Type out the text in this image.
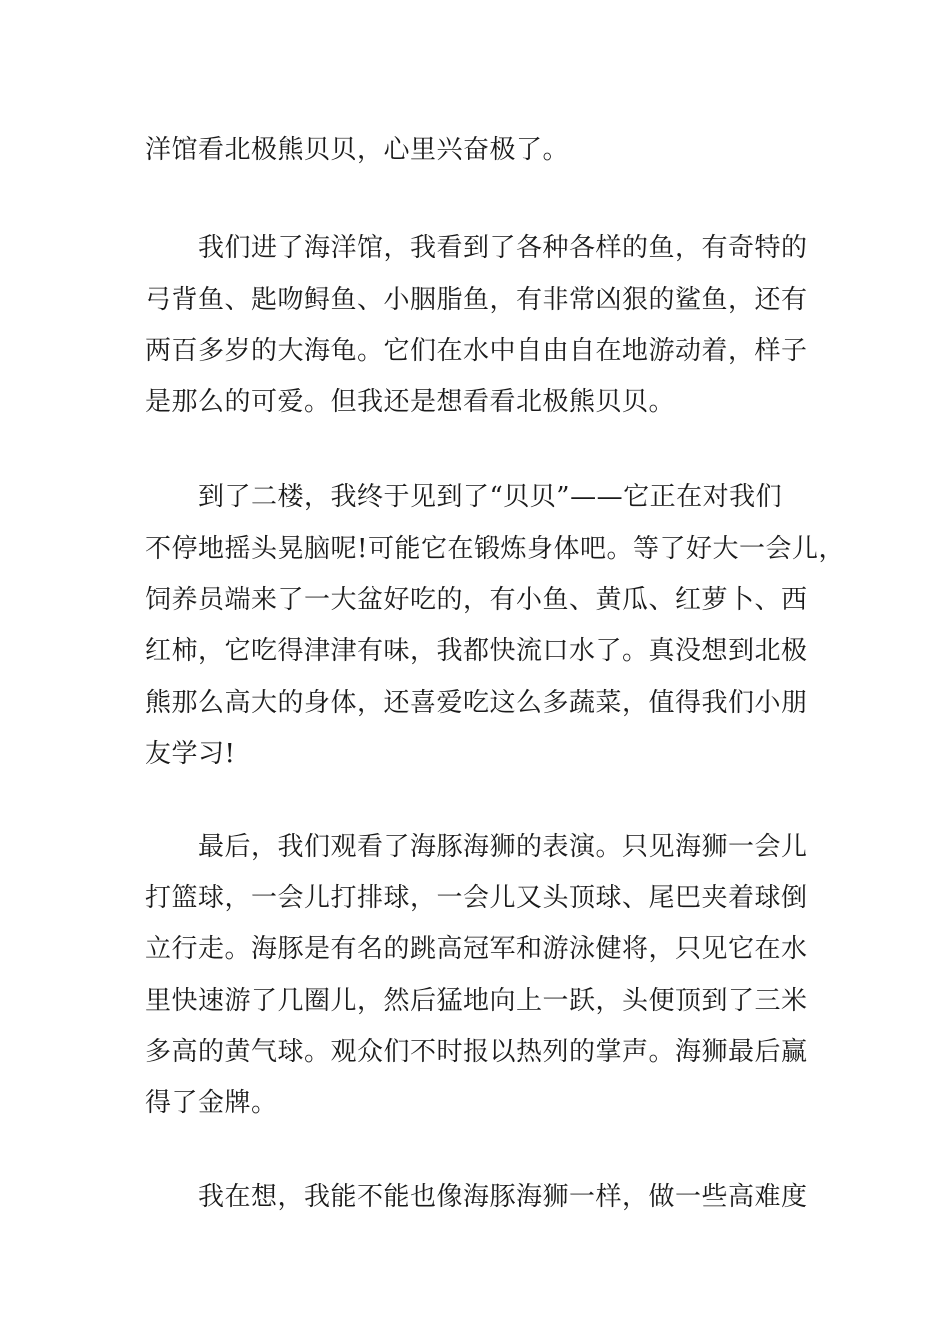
洋馆看北极熊贝贝，心里兴奋极了。

我们进了海洋馆，我看到了各种各样的鱼，有奇特的

弓背鱼、匙吻鲟鱼、小胭脂鱼，有非常凶狠的鲨鱼，还有

两百多岁的大海龟。它们在水中自由自在地游动着，样子

是那么的可爱。但我还是想看看北极熊贝贝。

到了二楼，我终于见到了“贝贝”——它正在对我们

不停地摇头晃脑呢!可能它在锻炼身体吧。等了好大一会儿，

饲养员端来了一大盆好吃的，有小鱼、黄瓜、红萝卜、西

红柿，它吃得津津有味，我都快流口水了。真没想到北极

熊那么高大的身体，还喜爱吃这么多蔬菜，值得我们小朋

友学习!

最后，我们观看了海豚海狮的表演。只见海狮一会儿

打篮球，一会儿打排球，一会儿又头顶球、尾巴夹着球倒

立行走。海豚是有名的跳高冠军和游泳健将，只见它在水

里快速游了几圈儿，然后猛地向上一跃，头便顶到了三米

多高的黄气球。观众们不时报以热列的掌声。海狮最后赢

得了金牌。

我在想，我能不能也像海豚海狮一样，做一些高难度
